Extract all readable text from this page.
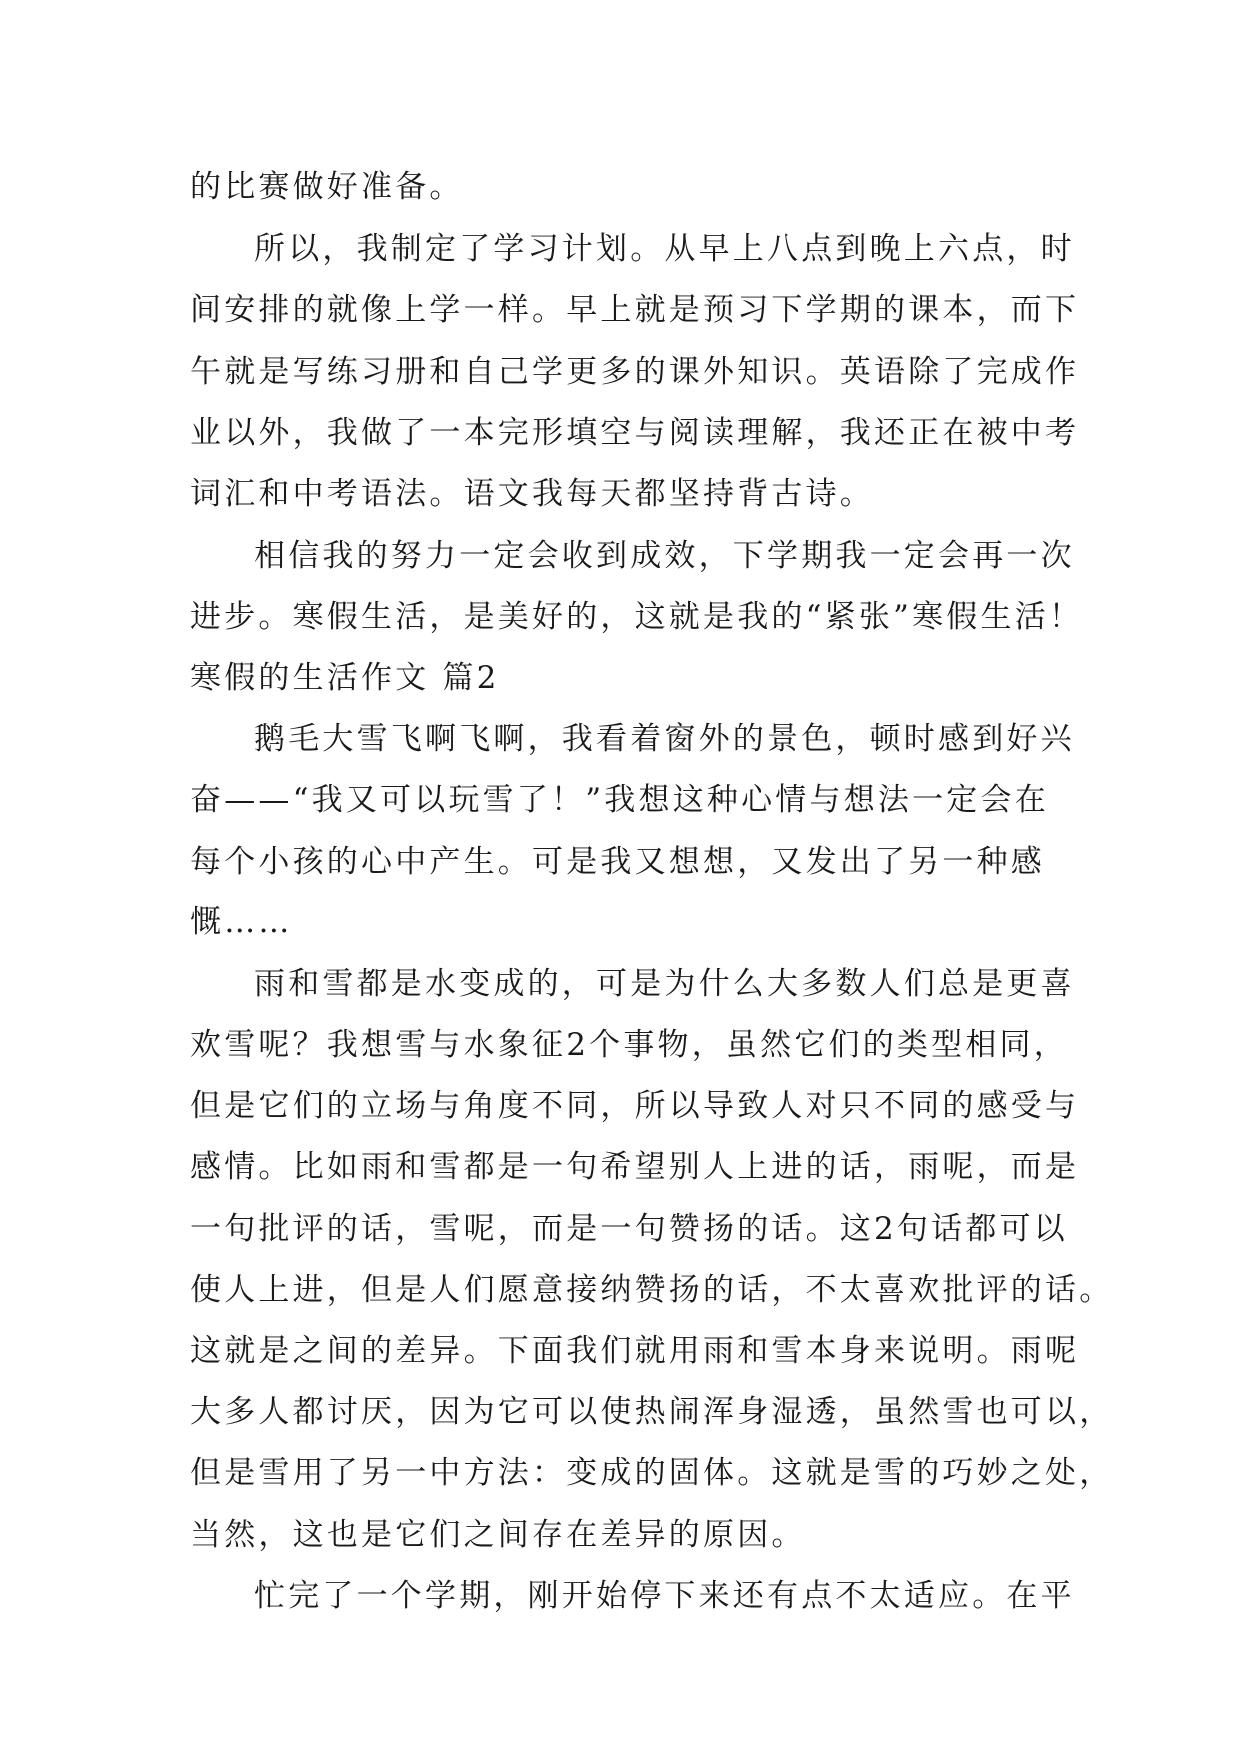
的比赛做好准备。
所以，我制定了学习计划。从早上八点到晚上六点，时
间安排的就像上学一样。早上就是预习下学期的课本，而下
午就是写练习册和自己学更多的课外知识。英语除了完成作
业以外，我做了一本完形填空与阅读理解，我还正在被中考
词汇和中考语法。语文我每天都坚持背古诗。
相信我的努力一定会收到成效，下学期我一定会再一次
进步。寒假生活，是美好的，这就是我的“紧张”寒假生活！
寒假的生活作文 篇2
鹅毛大雪飞啊飞啊，我看着窗外的景色，顿时感到好兴
奋——“我又可以玩雪了！”我想这种心情与想法一定会在
每个小孩的心中产生。可是我又想想，又发出了另一种感
慨……
雨和雪都是水变成的，可是为什么大多数人们总是更喜
欢雪呢？我想雪与水象征2个事物，虽然它们的类型相同，
但是它们的立场与角度不同，所以导致人对只不同的感受与
感情。比如雨和雪都是一句希望别人上进的话，雨呢，而是
一句批评的话，雪呢，而是一句赞扬的话。这2句话都可以
使人上进，但是人们愿意接纳赞扬的话，不太喜欢批评的话。
这就是之间的差异。下面我们就用雨和雪本身来说明。雨呢
大多人都讨厌，因为它可以使热闹浑身湿透，虽然雪也可以，
但是雪用了另一中方法：变成的固体。这就是雪的巧妙之处，
当然，这也是它们之间存在差异的原因。
忙完了一个学期，刚开始停下来还有点不太适应。在平
